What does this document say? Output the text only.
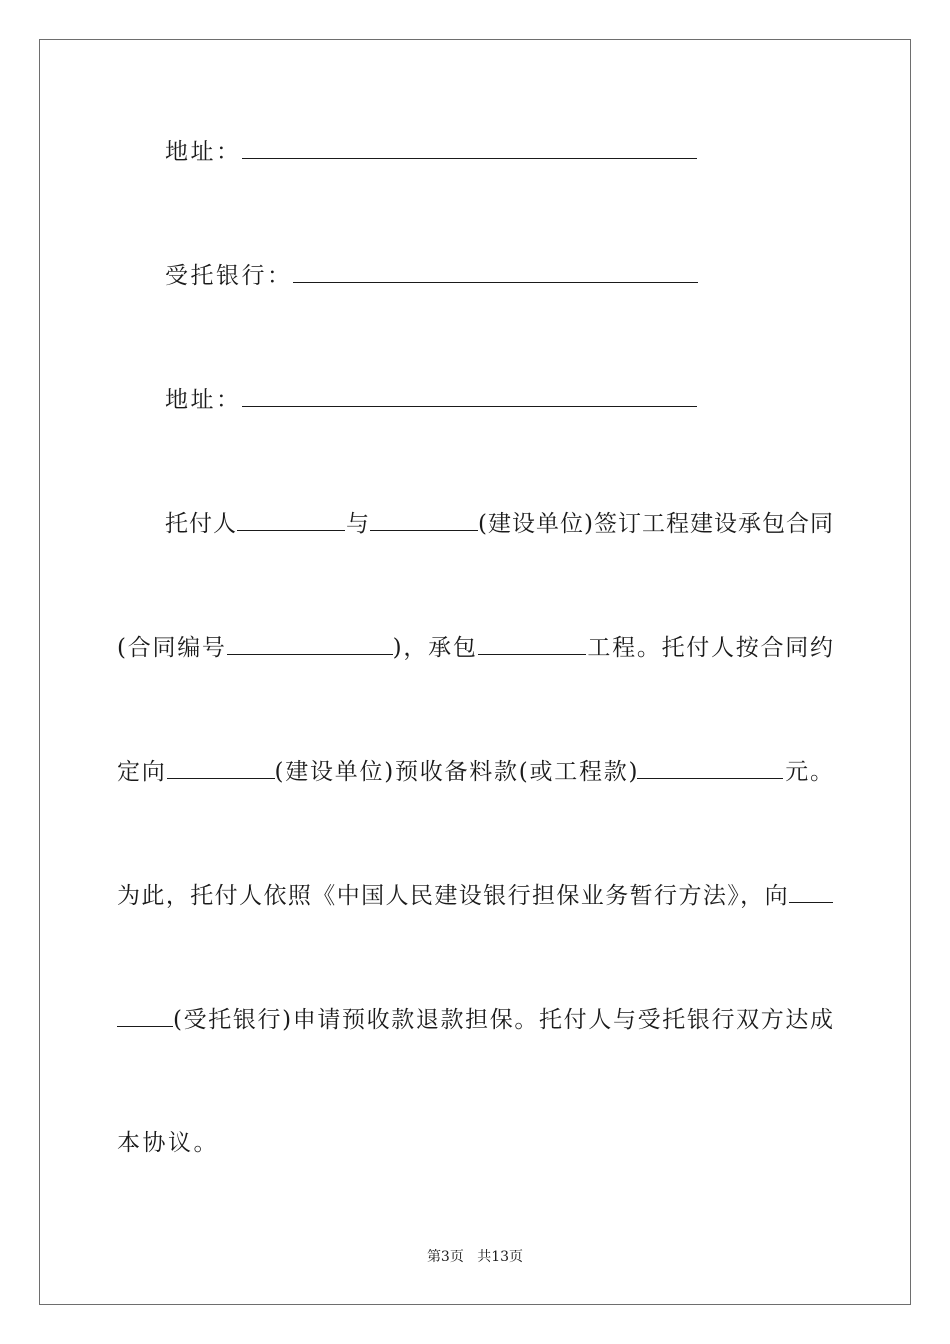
地址：
受托银行：
地址：
托付人	与	(建设单位)签订工程建设承包合同
(合同编号	)，承包	工程。托付人按合同约
定向	(建设单位)预收备料款(或工程款)	元。
为此，托付人依照《中国人民建设银行担保业务暂行方法》，向
(受托银行)申请预收款退款担保。托付人与受托银行双方达成
本协议。
第3页 共13页
